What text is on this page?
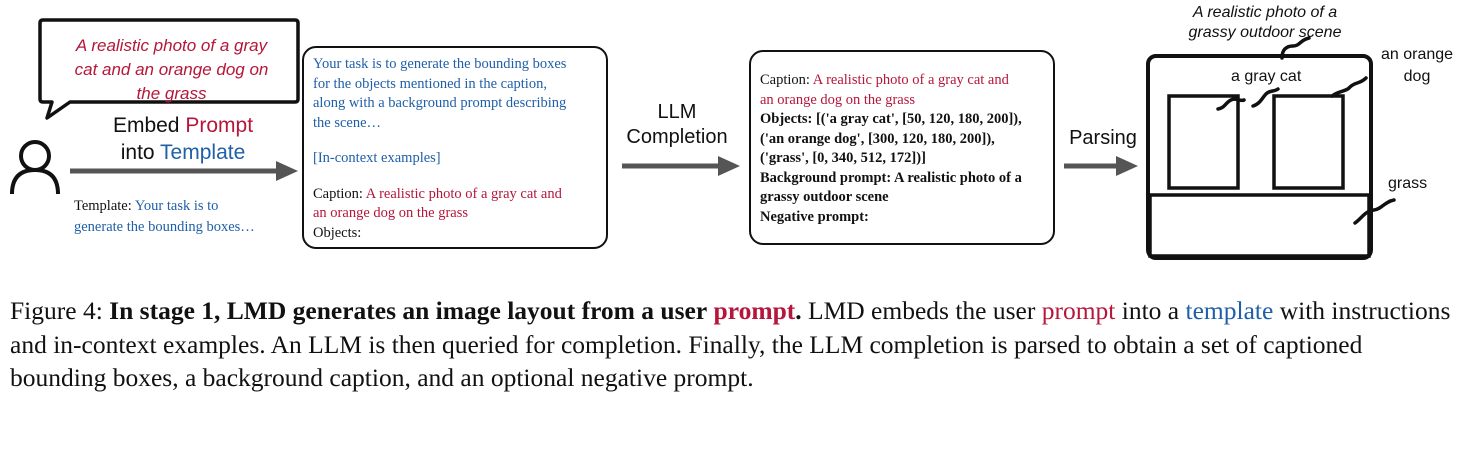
A realistic photo of a gray
cat and an orange dog on
the grass
Embed Prompt
into Template
Template: Your task is to
generate the bounding boxes…

Your task is to generate the bounding boxes

for the objects mentioned in the caption,

along with a background prompt describing

the scene…

[In-context examples]

Caption: A realistic photo of a gray cat and

an orange dog on the grass

Objects:

LLM
Completion

Caption: A realistic photo of a gray cat and

an orange dog on the grass

Objects: [('a gray cat', [50, 120, 180, 200]),

('an orange dog', [300, 120, 180, 200]),

('grass', [0, 340, 512, 172])]

Background prompt: A realistic photo of a

grassy outdoor scene

Negative prompt:

Parsing
A realistic photo of a
grassy outdoor scene
a gray cat
an orange
dog
grass
Figure 4: In stage 1, LMD generates an image layout from a user prompt. LMD embeds the user prompt into a template with instructions and in-context examples. An LLM is then queried for completion. Finally, the LLM completion is parsed to obtain a set of captioned bounding boxes, a background caption, and an optional negative prompt.
